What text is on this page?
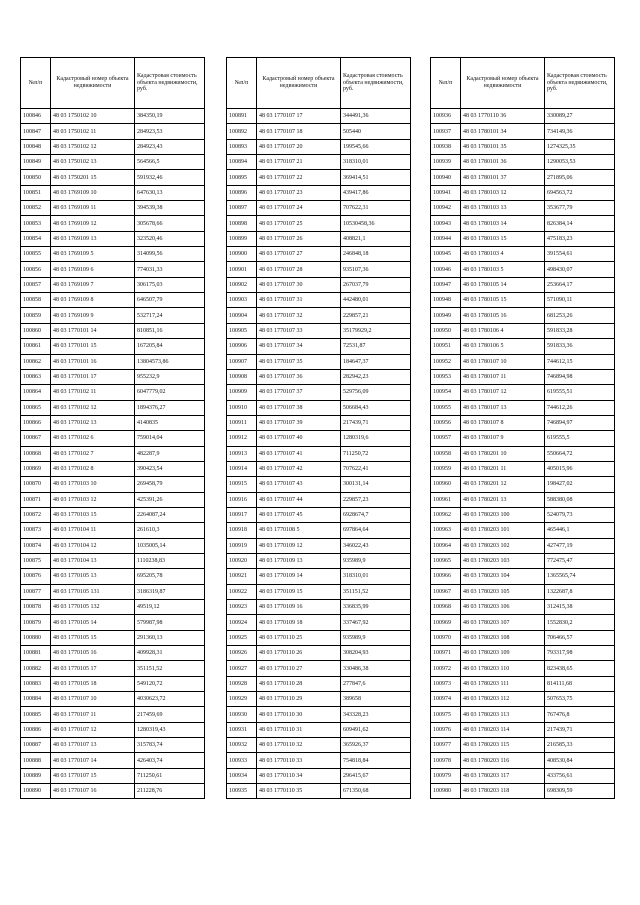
№п/п	Кадастровый номер объекта недвижимости	Кадастровая стоимость объекта недвижимости, руб.
100846	48 03 1750102 10	384350,19
100847	48 03 1750102 11	284923,53
100848	48 03 1750102 12	284923,43
100849	48 03 1750102 13	564566,5
100850	48 03 1750201 15	591932,46
100851	48 03 1769109 10	647630,13
100852	48 03 1769109 11	394539,38
100853	48 03 1769109 12	305678,66
100854	48 03 1769109 13	323520,46
100855	48 03 1769109 5	314099,56
100856	48 03 1769109 6	774031,33
100857	48 03 1769109 7	306175,03
100858	48 03 1769109 8	646507,79
100859	48 03 1769109 9	532717,24
100860	48 03 1770101 14	810851,16
100861	48 03 1770101 15	167205,84
100862	48 03 1770101 16	13804573,86
100863	48 03 1770101 17	955232,9
100864	48 03 1770102 11	6047779,02
100865	48 03 1770102 12	1894376,27
100866	48 03 1770102 13	4140835
100867	48 03 1770102 6	759014,04
100868	48 03 1770102 7	482287,9
100869	48 03 1770102 8	390423,54
100870	48 03 1770103 10	269458,79
100871	48 03 1770103 12	425391,26
100872	48 03 1770103 15	2264087,24
100873	48 03 1770104 11	261610,3
100874	48 03 1770104 12	1035005,14
100875	48 03 1770104 13	1110238,83
100876	48 03 1770105 13	695205,78
100877	48 03 1770105 131	3186319,87
100878	48 03 1770105 132	49519,12
100879	48 03 1770105 14	579987,98
100880	48 03 1770105 15	291360,13
100881	48 03 1770105 16	409928,31
100882	48 03 1770105 17	351151,52
100883	48 03 1770105 18	549120,72
100884	48 03 1770107 10	4030623,72
100885	48 03 1770107 11	217459,69
100886	48 03 1770107 12	1280319,43
100887	48 03 1770107 13	315783,74
100888	48 03 1770107 14	426403,74
100889	48 03 1770107 15	711250,61
100890	48 03 1770107 16	211228,76
№п/п	Кадастровый номер объекта недвижимости	Кадастровая стоимость объекта недвижимости, руб.
100891	48 03 1770107 17	344491,36
100892	48 03 1770107 18	505440
100893	48 03 1770107 20	199545,66
100894	48 03 1770107 21	318310,01
100895	48 03 1770107 22	369414,51
100896	48 03 1770107 23	439417,86
100897	48 03 1770107 24	707622,31
100898	48 03 1770107 25	10530458,36
100899	48 03 1770107 26	408821,1
100900	48 03 1770107 27	246848,18
100901	48 03 1770107 28	935107,36
100902	48 03 1770107 30	267037,79
100903	48 03 1770107 31	442480,01
100904	48 03 1770107 32	229857,21
100905	48 03 1770107 33	35179929,2
100906	48 03 1770107 34	72531,87
100907	48 03 1770107 35	184647,37
100908	48 03 1770107 36	282942,23
100909	48 03 1770107 37	529756,09
100910	48 03 1770107 38	506684,43
100911	48 03 1770107 39	217439,71
100912	48 03 1770107 40	1280319,6
100913	48 03 1770107 41	711250,72
100914	48 03 1770107 42	707622,41
100915	48 03 1770107 43	300131,14
100916	48 03 1770107 44	229857,23
100917	48 03 1770107 45	6928674,7
100918	48 03 1770108 5	697864,64
100919	48 03 1770109 12	346022,43
100920	48 03 1770109 13	935989,9
100921	48 03 1770109 14	318310,01
100922	48 03 1770109 15	351151,52
100923	48 03 1770109 16	336835,99
100924	48 03 1770109 18	337467,92
100925	48 03 1770110 25	935989,9
100926	48 03 1770110 26	308204,93
100927	48 03 1770110 27	330486,38
100928	48 03 1770110 28	277847,6
100929	48 03 1770110 29	389658
100930	48 03 1770110 30	343328,23
100931	48 03 1770110 31	609491,62
100932	48 03 1770110 32	365926,37
100933	48 03 1770110 33	754818,84
100934	48 03 1770110 34	296415,67
100935	48 03 1770110 35	671350,68
№п/п	Кадастровый номер объекта недвижимости	Кадастровая стоимость объекта недвижимости, руб.
100936	48 03 1770110 36	330089,27
100937	48 03 1780101 34	734149,36
100938	48 03 1780101 35	1274325,35
100939	48 03 1780101 36	1290053,53
100940	48 03 1780101 37	271895,06
100941	48 03 1780103 12	694563,72
100942	48 03 1780103 13	353677,79
100943	48 03 1780103 14	826384,14
100944	48 03 1780103 15	475183,23
100945	48 03 1780103 4	391554,61
100946	48 03 1780103 5	498430,07
100947	48 03 1780105 14	253664,17
100948	48 03 1780105 15	571090,11
100949	48 03 1780105 16	681253,26
100950	48 03 1780106 4	591833,28
100951	48 03 1780106 5	591833,36
100952	48 03 1780107 10	744612,15
100953	48 03 1780107 11	746894,98
100954	48 03 1780107 12	619555,51
100955	48 03 1780107 13	744612,26
100956	48 03 1780107 8	746894,97
100957	48 03 1780107 9	619555,5
100958	48 03 1780201 10	550664,72
100959	48 03 1780201 11	405015,96
100960	48 03 1780201 12	198427,02
100961	48 03 1780201 13	588380,08
100962	48 03 1780203 100	524079,73
100963	48 03 1780203 101	465446,1
100964	48 03 1780203 102	427477,19
100965	48 03 1780203 103	772475,47
100966	48 03 1780203 104	1365565,74
100967	48 03 1780203 105	1322687,8
100968	48 03 1780203 106	312415,38
100969	48 03 1780203 107	1552830,2
100970	48 03 1780203 108	706466,57
100971	48 03 1780203 109	793317,98
100972	48 03 1780203 110	823438,65
100973	48 03 1780203 111	814111,68
100974	48 03 1780203 112	507653,75
100975	48 03 1780203 113	767476,8
100976	48 03 1780203 114	217439,71
100977	48 03 1780203 115	216585,33
100978	48 03 1780203 116	408530,84
100979	48 03 1780203 117	433756,61
100980	48 03 1780203 118	698309,59
